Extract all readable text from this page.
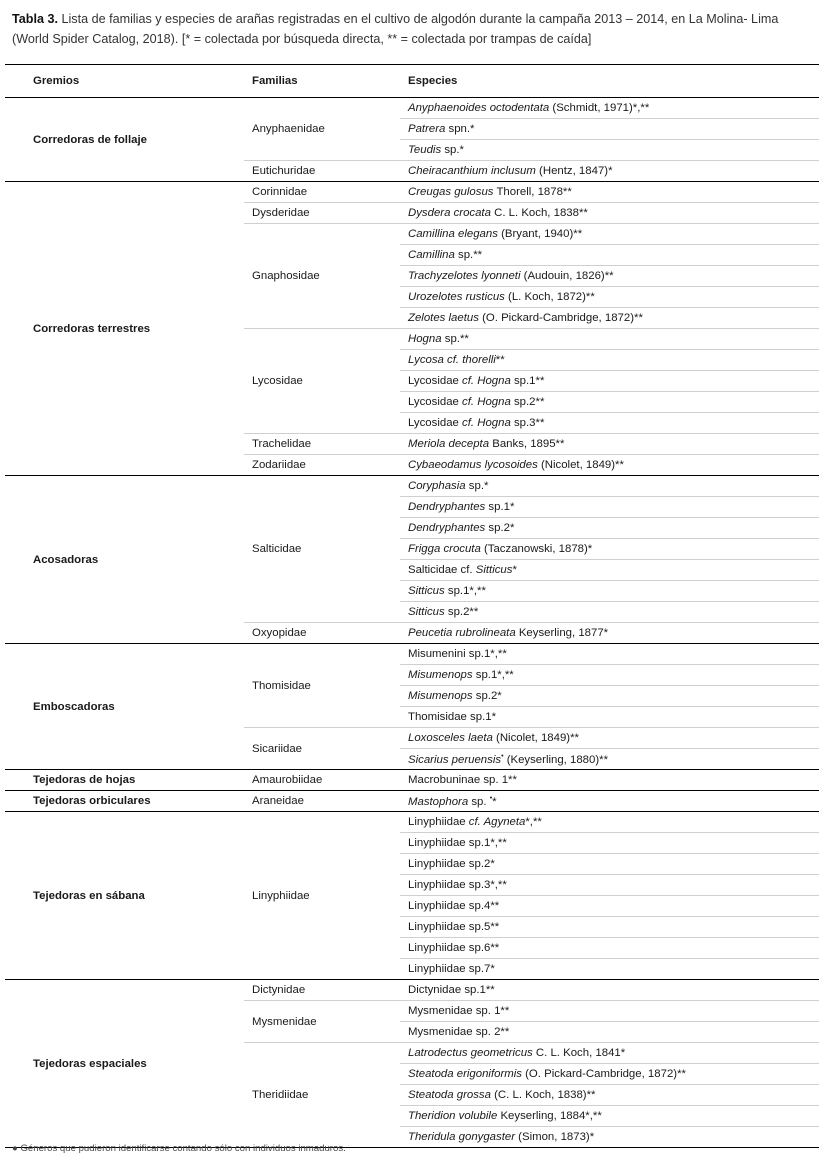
Tabla 3. Lista de familias y especies de arañas registradas en el cultivo de algodón durante la campaña 2013 – 2014, en La Molina- Lima (World Spider Catalog, 2018). [* = colectada por búsqueda directa, ** = colectada por trampas de caída]
Gremios	Familias	Especies
Corredoras de follaje	Anyphaenidae	Anyphaenoides octodentata (Schmidt, 1971)*,**
		Patrera spn.*
		Teudis sp.*
	Eutichuridae	Cheiracanthium inclusum (Hentz, 1847)*
Corredoras terrestres	Corinnidae	Creugas gulosus Thorell, 1878**
	Dysderidae	Dysdera crocata C. L. Koch, 1838**
	Gnaphosidae	Camillina elegans (Bryant, 1940)**
		Camillina sp.**
		Trachyzelotes lyonneti (Audouin, 1826)**
		Urozelotes rusticus (L. Koch, 1872)**
		Zelotes laetus (O. Pickard-Cambridge, 1872)**
	Lycosidae	Hogna sp.**
		Lycosa cf. thorelli**
		Lycosidae cf. Hogna sp.1**
		Lycosidae cf. Hogna sp.2**
		Lycosidae cf. Hogna sp.3**
	Trachelidae	Meriola decepta Banks, 1895**
	Zodariidae	Cybaeodamus lycosoides (Nicolet, 1849)**
Acosadoras	Salticidae	Coryphasia sp.*
		Dendryphantes sp.1*
		Dendryphantes sp.2*
		Frigga crocuta (Taczanowski, 1878)*
		Salticidae cf. Sitticus*
		Sitticus sp.1*,**
		Sitticus sp.2**
	Oxyopidae	Peucetia rubrolineata Keyserling, 1877*
Emboscadoras	Thomisidae	Misumenini sp.1*,**
		Misumenops sp.1*,**
		Misumenops sp.2*
		Thomisidae sp.1*
	Sicariidae	Loxosceles laeta (Nicolet, 1849)**
		Sicarius peruensis• (Keyserling, 1880)**
Tejedoras de hojas	Amaurobiidae	Macrobuninae sp. 1**
Tejedoras orbiculares	Araneidae	Mastophora sp. •*
Tejedoras en sábana	Linyphiidae	Linyphiidae cf. Agyneta*,**
		Linyphiidae sp.1*,**
		Linyphiidae sp.2*
		Linyphiidae sp.3*,**
		Linyphiidae sp.4**
		Linyphiidae sp.5**
		Linyphiidae sp.6**
		Linyphiidae sp.7*
Tejedoras espaciales	Dictynidae	Dictynidae sp.1**
	Mysmenidae	Mysmenidae sp. 1**
		Mysmenidae sp. 2**
	Theridiidae	Latrodectus geometricus C. L. Koch, 1841*
		Steatoda erigoniformis (O. Pickard-Cambridge, 1872)**
		Steatoda grossa (C. L. Koch, 1838)**
		Theridion volubile Keyserling, 1884*,**
		Theridula gonygaster (Simon, 1873)*
● Géneros que pudieron identificarse contando sólo con individuos inmaduros.
